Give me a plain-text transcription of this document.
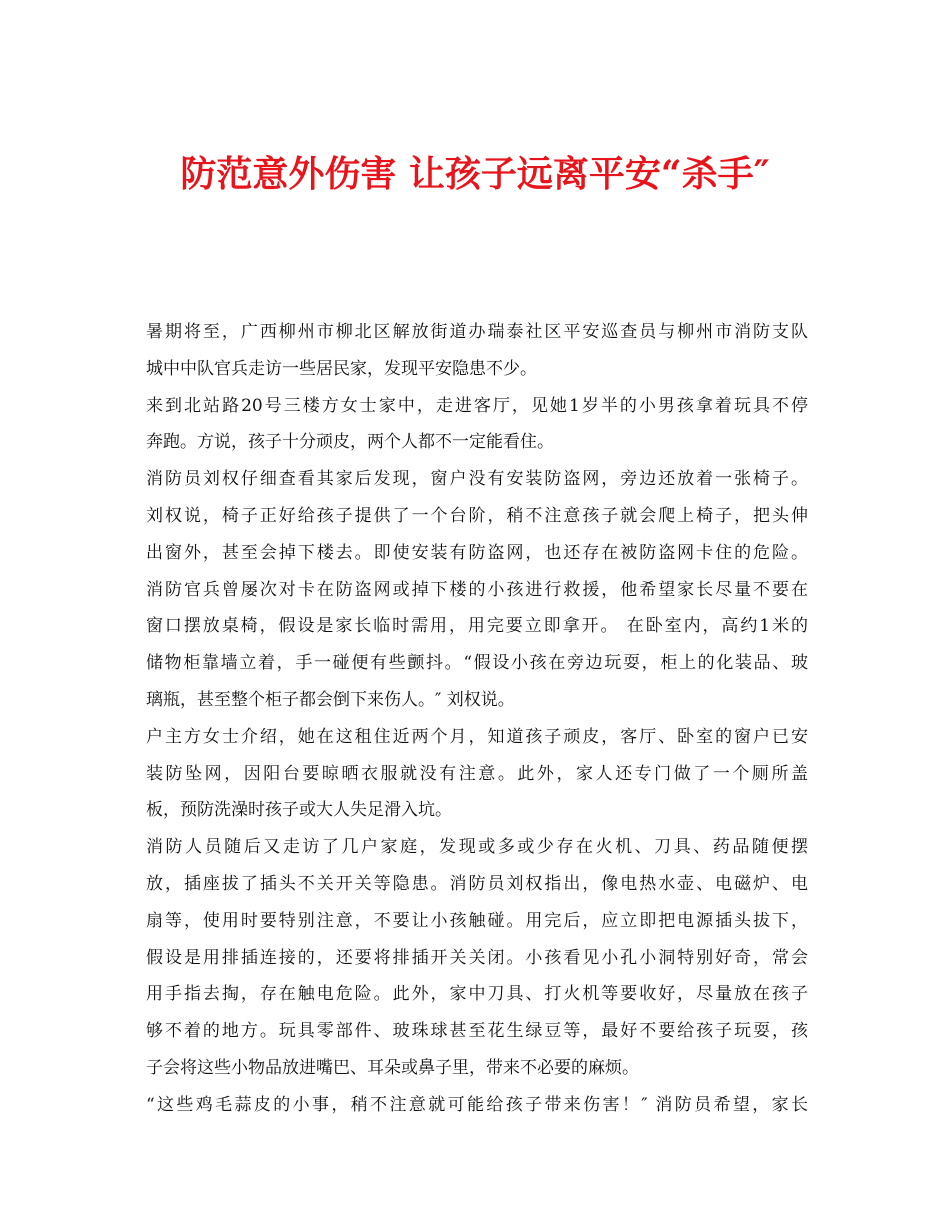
防范意外伤害 让孩子远离平安“杀手″
暑期将至，广西柳州市柳北区解放街道办瑞泰社区平安巡查员与柳州市消防支队
城中中队官兵走访一些居民家，发现平安隐患不少。
来到北站路20号三楼方女士家中，走进客厅，见她1岁半的小男孩拿着玩具不停
奔跑。方说，孩子十分顽皮，两个人都不一定能看住。
消防员刘权仔细查看其家后发现，窗户没有安装防盗网，旁边还放着一张椅子。
刘权说，椅子正好给孩子提供了一个台阶，稍不注意孩子就会爬上椅子，把头伸
出窗外，甚至会掉下楼去。即使安装有防盗网，也还存在被防盗网卡住的危险。
消防官兵曾屡次对卡在防盗网或掉下楼的小孩进行救援，他希望家长尽量不要在
窗口摆放桌椅，假设是家长临时需用，用完要立即拿开。 在卧室内，高约1米的
储物柜靠墙立着，手一碰便有些颤抖。“假设小孩在旁边玩耍，柜上的化装品、玻
璃瓶，甚至整个柜子都会倒下来伤人。″ 刘权说。
户主方女士介绍，她在这租住近两个月，知道孩子顽皮，客厅、卧室的窗户已安
装防坠网，因阳台要晾晒衣服就没有注意。此外，家人还专门做了一个厕所盖
板，预防洗澡时孩子或大人失足滑入坑。
消防人员随后又走访了几户家庭，发现或多或少存在火机、刀具、药品随便摆
放，插座拔了插头不关开关等隐患。消防员刘权指出，像电热水壶、电磁炉、电
扇等，使用时要特别注意，不要让小孩触碰。用完后，应立即把电源插头拔下，
假设是用排插连接的，还要将排插开关关闭。小孩看见小孔小洞特别好奇，常会
用手指去掏，存在触电危险。此外，家中刀具、打火机等要收好，尽量放在孩子
够不着的地方。玩具零部件、玻珠球甚至花生绿豆等，最好不要给孩子玩耍，孩
子会将这些小物品放进嘴巴、耳朵或鼻子里，带来不必要的麻烦。
“这些鸡毛蒜皮的小事，稍不注意就可能给孩子带来伤害！″ 消防员希望，家长
